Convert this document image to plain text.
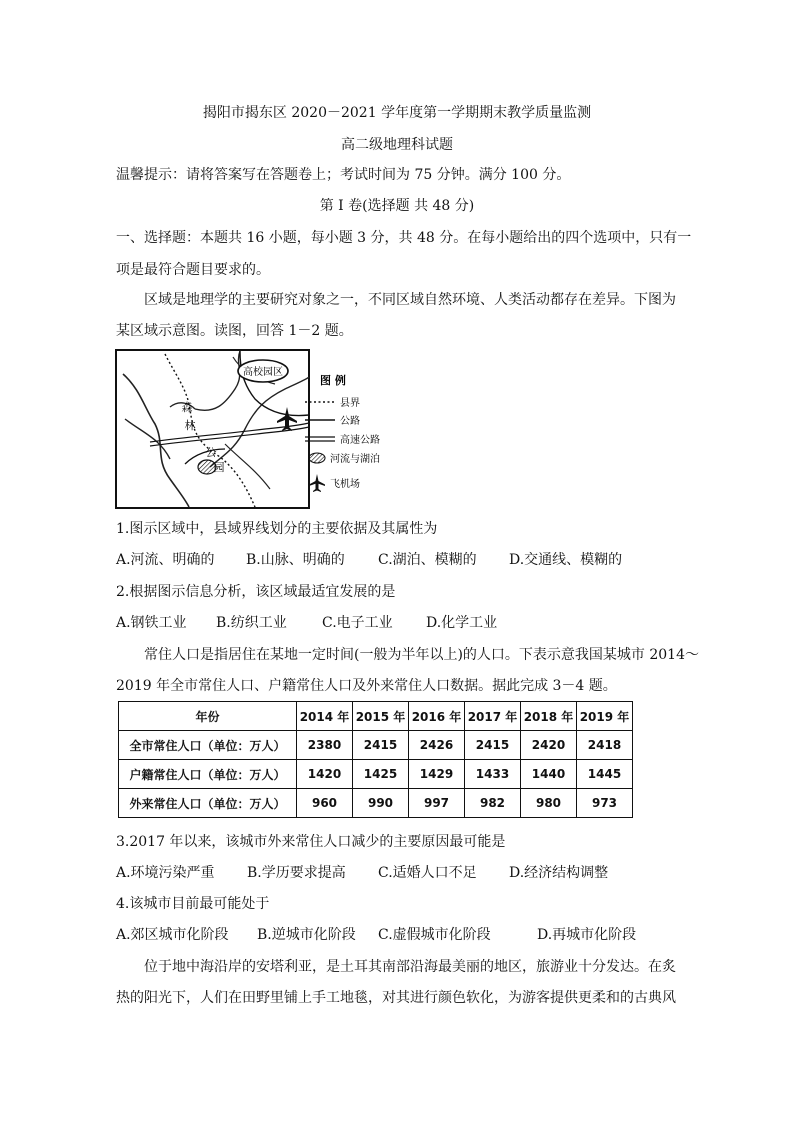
揭阳市揭东区 2020－2021 学年度第一学期期末教学质量监测
高二级地理科试题
温馨提示：请将答案写在答题卷上；考试时间为 75 分钟。满分 100 分。
第 I 卷(选择题 共 48 分)
一、选择题：本题共 16 小题，每小题 3 分，共 48 分。在每小题给出的四个选项中，只有一
项是最符合题目要求的。
区域是地理学的主要研究对象之一，不同区域自然环境、人类活动都存在差异。下图为
某区域示意图。读图，回答 1－2 题。
高校园区
森
林
公
园
图 例
县界
公路
高速公路
河流与湖泊
飞机场
1.图示区域中，县域界线划分的主要依据及其属性为
A.河流、明确的 B.山脉、明确的 C.湖泊、模糊的 D.交通线、模糊的
2.根据图示信息分析，该区域最适宜发展的是
A.钢铁工业 B.纺织工业	C.电子工业 D.化学工业
常住人口是指居住在某地一定时间(一般为半年以上)的人口。下表示意我国某城市 2014～
2019 年全市常住人口、户籍常住人口及外来常住人口数据。据此完成 3－4 题。
年份	2014 年	2015 年	2016 年	2017 年	2018 年	2019 年
全市常住人口（单位：万人）	2380	2415	2426	2415	2420	2418
户籍常住人口（单位：万人）	1420	1425	1429	1433	1440	1445
外来常住人口（单位：万人）	960	990	997	982	980	973
3.2017 年以来，该城市外来常住人口减少的主要原因最可能是
A.环境污染严重 B.学历要求提高 C.适婚人口不足 D.经济结构调整
4.该城市目前最可能处于
A.郊区城市化阶段 B.逆城市化阶段 C.虚假城市化阶段	D.再城市化阶段
位于地中海沿岸的安塔利亚，是土耳其南部沿海最美丽的地区，旅游业十分发达。在炙
热的阳光下，人们在田野里铺上手工地毯，对其进行颜色软化，为游客提供更柔和的古典风
